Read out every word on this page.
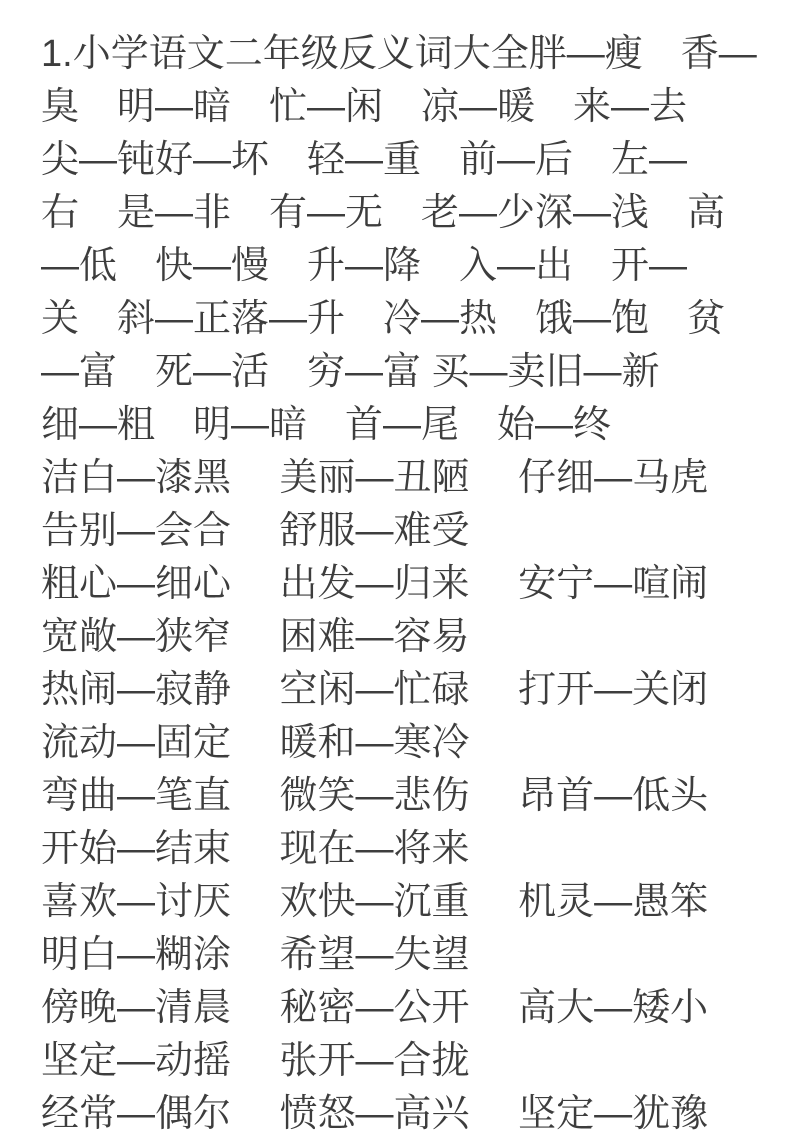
1.小学语文二年级反义词大全胖—瘦　香—
臭　明—暗　忙—闲　凉—暖　来—去
尖—钝好—坏　轻—重　前—后　左—
右　是—非　有—无　老—少深—浅　高
—低　快—慢　升—降　入—出　开—
关　斜—正落—升　冷—热　饿—饱　贫
—富　死—活　穷—富 买—卖旧—新
细—粗　明—暗　首—尾　始—终
洁白—漆黑　 美丽—丑陋　 仔细—马虎
告别—会合　 舒服—难受
粗心—细心　 出发—归来　 安宁—喧闹
宽敞—狭窄　 困难—容易
热闹—寂静　 空闲—忙碌　 打开—关闭
流动—固定　 暖和—寒冷
弯曲—笔直　 微笑—悲伤　 昂首—低头
开始—结束　 现在—将来
喜欢—讨厌　 欢快—沉重　 机灵—愚笨
明白—糊涂　 希望—失望
傍晚—清晨　 秘密—公开　 高大—矮小
坚定—动摇　 张开—合拢
经常—偶尔　 愤怒—高兴　 坚定—犹豫
